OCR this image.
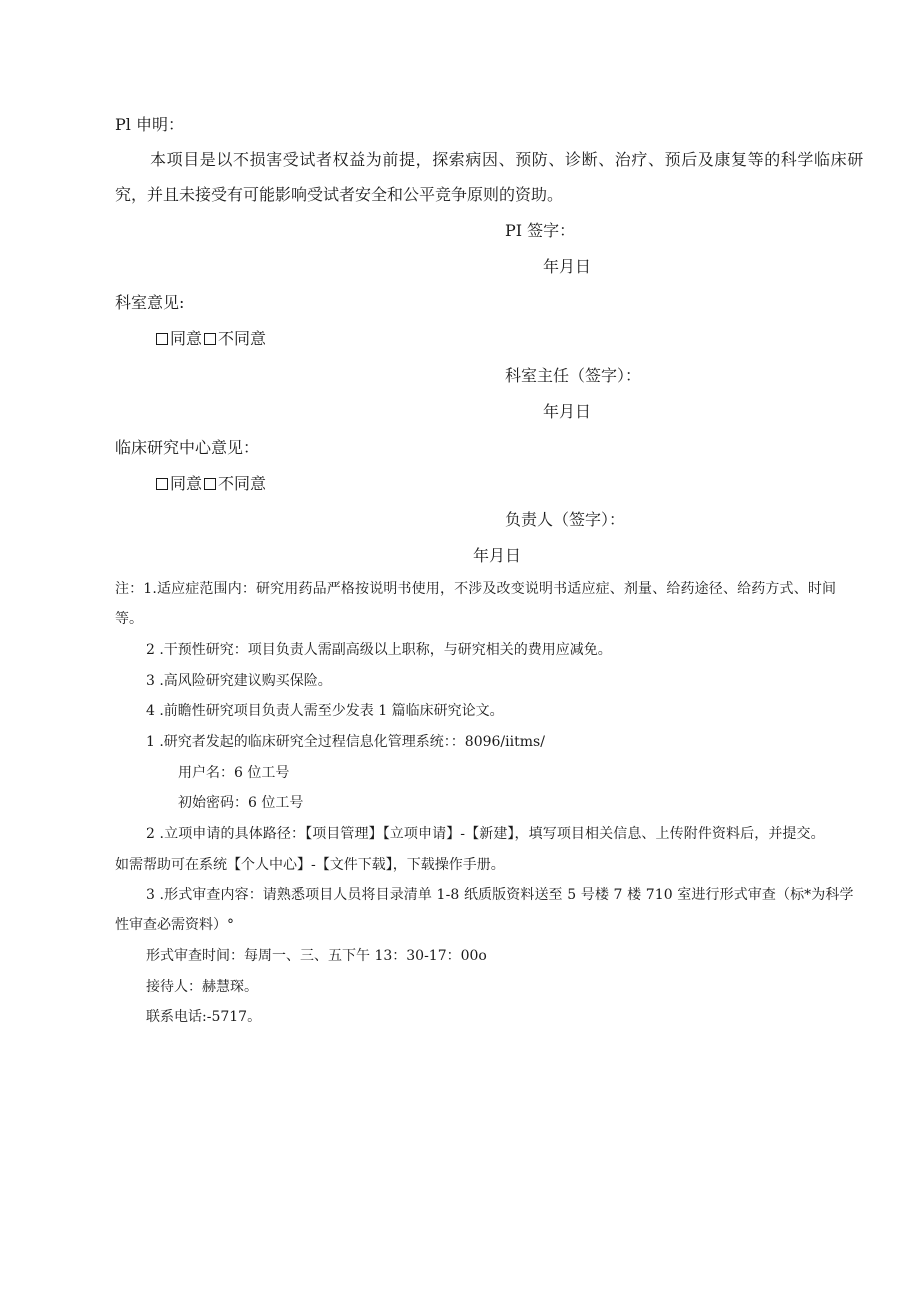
Pl 申明：
本项目是以不损害受试者权益为前提，探索病因、预防、诊断、治疗、预后及康复等的科学临床研
究，并且未接受有可能影响受试者安全和公平竞争原则的资助。
PI 签字：
年月日
科室意见:
同意 不同意
科室主任（签字）：
年月日
临床研究中心意见：
同意 不同意
负责人（签字）：
年月日
注：1.适应症范围内：研究用药品严格按说明书使用，不涉及改变说明书适应症、剂量、给药途径、给药方式、时间
等。
2 .干预性研究：项目负责人需副高级以上职称，与研究相关的费用应减免。
3 .高风险研究建议购买保险。
4 .前瞻性研究项目负责人需至少发表 1 篇临床研究论文。
1 .研究者发起的临床研究全过程信息化管理系统：：8096/iitms/
用户名：6 位工号
初始密码：6 位工号
2 .立项申请的具体路径：【项目管理】【立项申请】-【新建】，填写项目相关信息、上传附件资料后，并提交。
如需帮助可在系统【个人中心】-【文件下载】，下载操作手册。
3 .形式审查内容：请熟悉项目人员将目录清单 1-8 纸质版资料送至 5 号楼 7 楼 710 室进行形式审查（标*为科学
性审查必需资料）°
形式审查时间：每周一、三、五下午 13：30-17：00o
接待人：赫慧琛。
联系电话:-5717。
